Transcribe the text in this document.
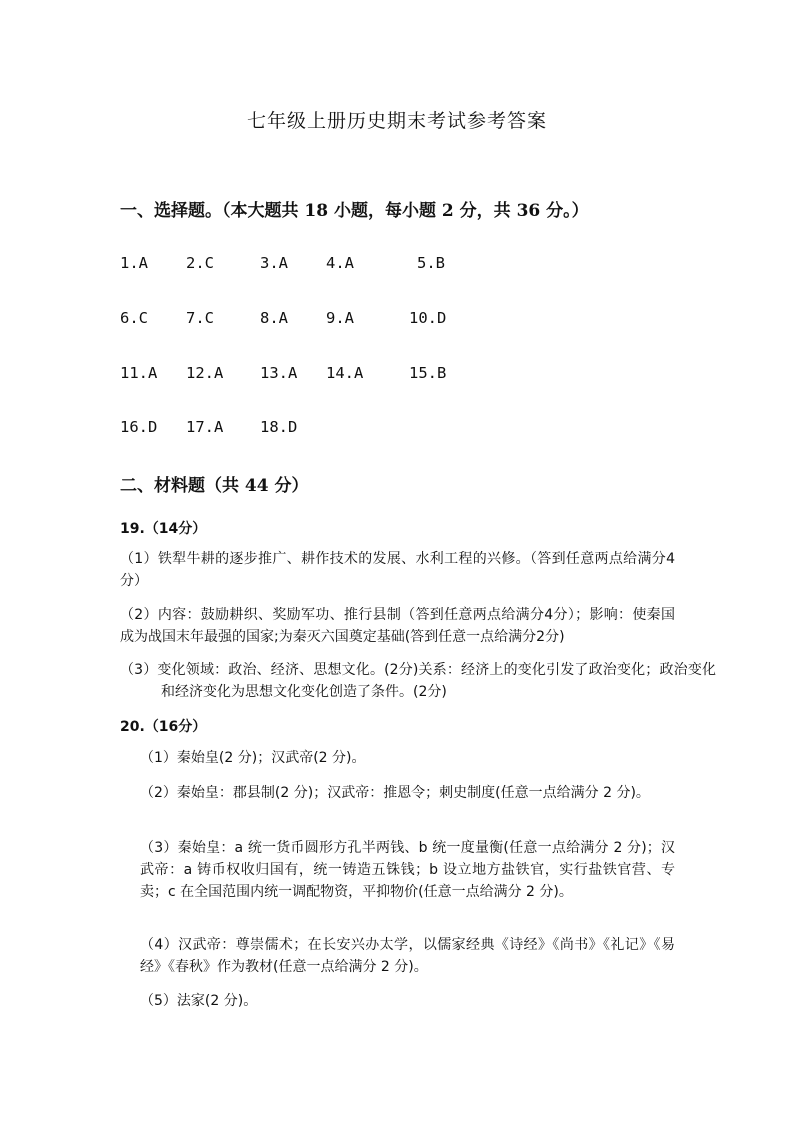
七年级上册历史期末考试参考答案
一、选择题。（本大题共 18 小题，每小题 2 分，共 36 分。）
1.A 2.C	3.A 4.A	5.B
6.C 7.C	8.A 9.A	10.D
11.A 12.A 13.A 14.A	15.B
16.D 17.A 18.D
二、材料题（共 44 分）
19.（14分）
（1）铁犁牛耕的逐步推广、耕作技术的发展、水利工程的兴修。（答到任意两点给满分4分）
（2）内容：鼓励耕织、奖励军功、推行县制（答到任意两点给满分4分）；影响：使秦国成为战国末年最强的国家;为秦灭六国奠定基础(答到任意一点给满分2分)
（3）变化领域：政治、经济、思想文化。(2分)关系：经济上的变化引发了政治变化；政治变化和经济变化为思想文化变化创造了条件。(2分)
20.（16分）
（1）秦始皇(2 分)；汉武帝(2 分)。
（2）秦始皇：郡县制(2 分)；汉武帝：推恩令；刺史制度(任意一点给满分 2 分)。
（3）秦始皇：a 统一货币圆形方孔半两钱、b 统一度量衡(任意一点给满分 2 分)；汉武帝：a 铸币权收归国有，统一铸造五铢钱；b 设立地方盐铁官，实行盐铁官营、专卖；c 在全国范围内统一调配物资，平抑物价(任意一点给满分 2 分)。
（4）汉武帝：尊崇儒术；在长安兴办太学，以儒家经典《诗经》《尚书》《礼记》《易经》《春秋》作为教材(任意一点给满分 2 分)。
（5）法家(2 分)。
